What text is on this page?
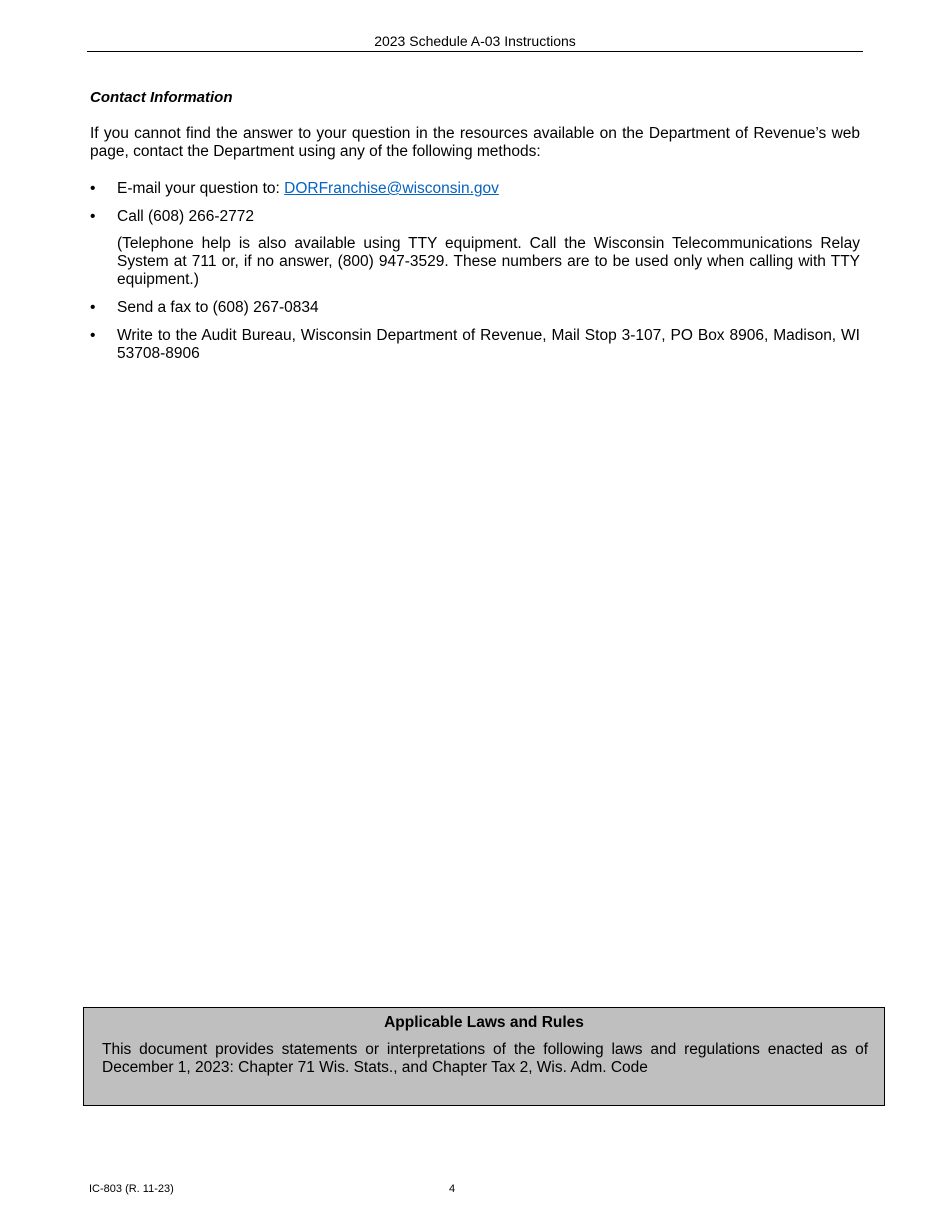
2023 Schedule A-03 Instructions
Contact Information
If you cannot find the answer to your question in the resources available on the Department of Revenue’s web page, contact the Department using any of the following methods:
• E-mail your question to: DORFranchise@wisconsin.gov
• Call (608) 266-2772
(Telephone help is also available using TTY equipment. Call the Wisconsin Telecommunications Relay System at 711 or, if no answer, (800) 947-3529. These numbers are to be used only when calling with TTY equipment.)
• Send a fax to (608) 267-0834
• Write to the Audit Bureau, Wisconsin Department of Revenue, Mail Stop 3-107, PO Box 8906, Madison, WI 53708-8906
Applicable Laws and Rules
This document provides statements or interpretations of the following laws and regulations enacted as of December 1, 2023: Chapter 71 Wis. Stats., and Chapter Tax 2, Wis. Adm. Code
IC-803 (R. 11-23)	4
